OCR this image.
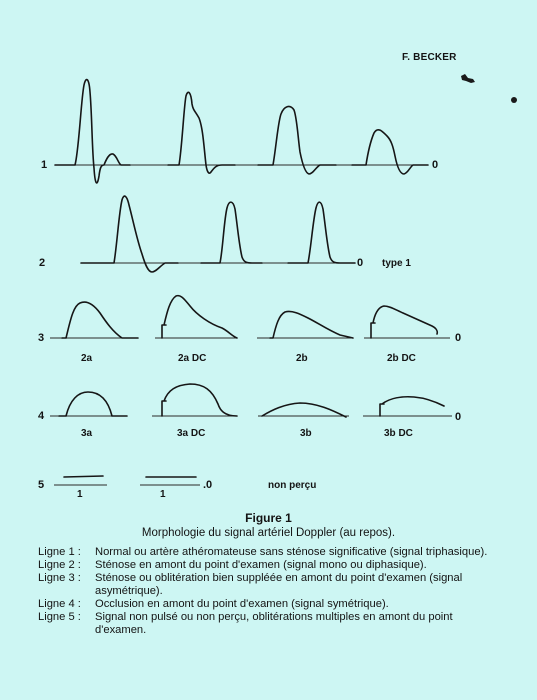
F. BECKER
1	0
2	0 type 1
3	0
2a	2a DC	2b	2b DC
4	0
3a	3a DC	3b	3b DC
5
1	1
.0	non perçu
Figure 1
Morphologie du signal artériel Doppler (au repos).
Ligne 1 :	Normal ou artère athéromateuse sans sténose significative (signal triphasique).
Ligne 2 :	Sténose en amont du point d'examen (signal mono ou diphasique).
Ligne 3 :	Sténose ou oblitération bien suppléée en amont du point d'examen (signal asymétrique).
Ligne 4 :	Occlusion en amont du point d'examen (signal symétrique).
Ligne 5 :	Signal non pulsé ou non perçu, oblitérations multiples en amont du point d'examen.
